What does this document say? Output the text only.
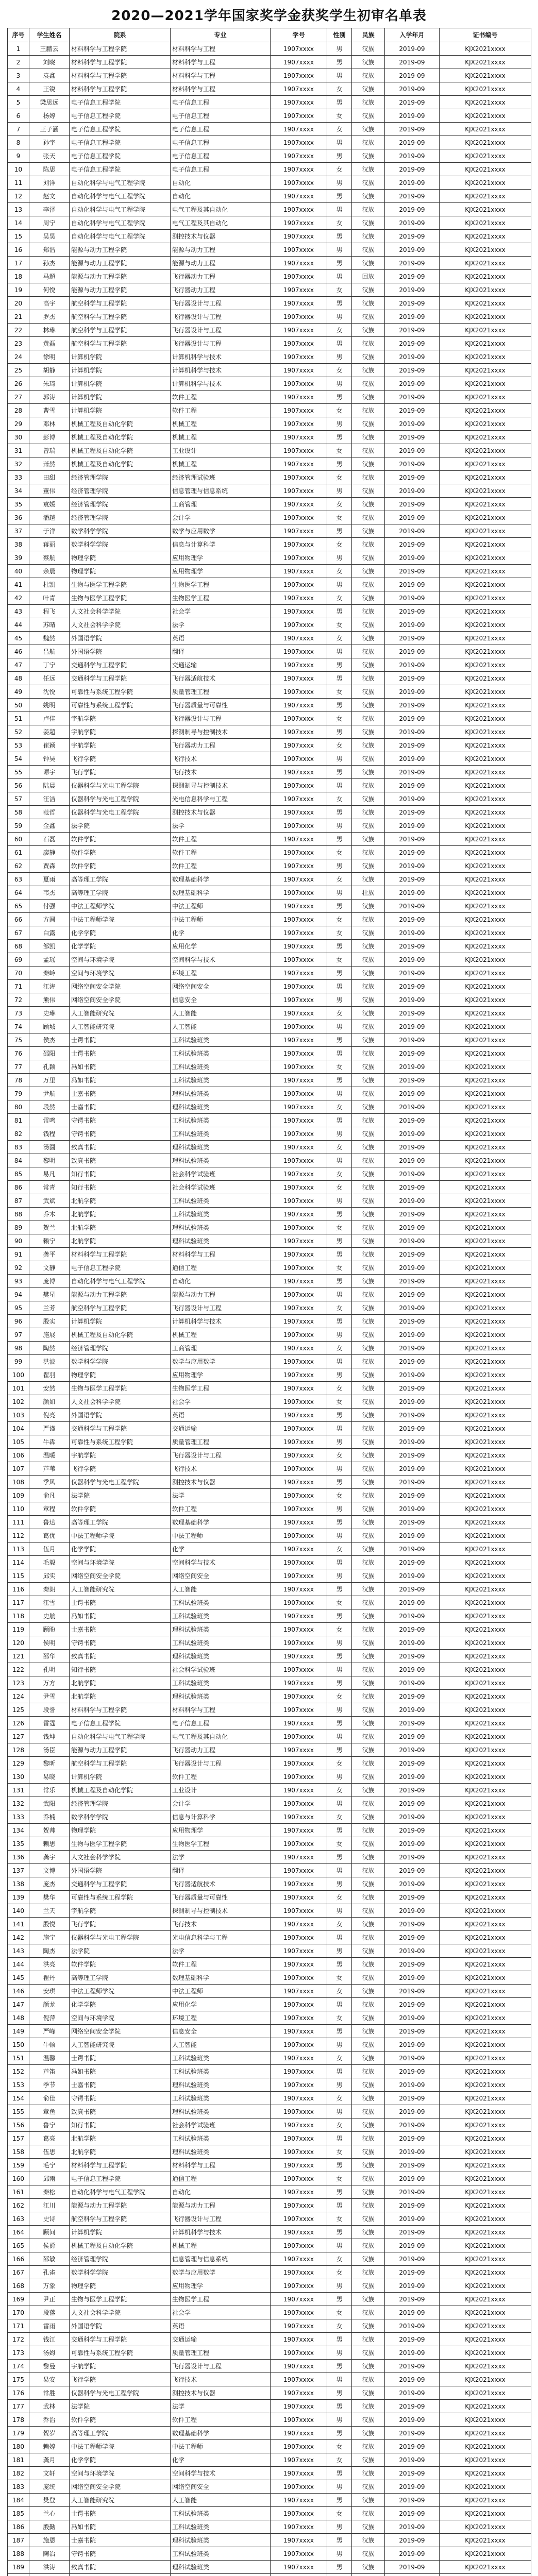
2020—2021学年国家奖学金获奖学生初审名单表
序号	学生姓名	院系	专业	学号	性别	民族	入学年月	证书编号
1	王鹏云	材料科学与工程学院	材料科学与工程	1907xxxx	男	汉族	2019-09	KJX2021xxxx
2	刘晓	材料科学与工程学院	材料科学与工程	1907xxxx	男	汉族	2019-09	KJX2021xxxx
3	袁鑫	材料科学与工程学院	材料科学与工程	1907xxxx	男	汉族	2019-09	KJX2021xxxx
4	王锐	材料科学与工程学院	材料科学与工程	1907xxxx	女	汉族	2019-09	KJX2021xxxx
5	梁思远	电子信息工程学院	电子信息工程	1907xxxx	男	汉族	2019-09	KJX2021xxxx
6	杨婷	电子信息工程学院	电子信息工程	1907xxxx	女	汉族	2019-09	KJX2021xxxx
7	王子涵	电子信息工程学院	电子信息工程	1907xxxx	女	汉族	2019-09	KJX2021xxxx
8	孙宇	电子信息工程学院	电子信息工程	1907xxxx	男	汉族	2019-09	KJX2021xxxx
9	张天	电子信息工程学院	电子信息工程	1907xxxx	男	汉族	2019-09	KJX2021xxxx
10	陈思	电子信息工程学院	电子信息工程	1907xxxx	女	汉族	2019-09	KJX2021xxxx
11	刘洋	自动化科学与电气工程学院	自动化	1907xxxx	男	汉族	2019-09	KJX2021xxxx
12	赵文	自动化科学与电气工程学院	自动化	1907xxxx	男	汉族	2019-09	KJX2021xxxx
13	李泽	自动化科学与电气工程学院	电气工程及其自动化	1907xxxx	男	汉族	2019-09	KJX2021xxxx
14	周宁	自动化科学与电气工程学院	电气工程及其自动化	1907xxxx	女	汉族	2019-09	KJX2021xxxx
15	吴昊	自动化科学与电气工程学院	测控技术与仪器	1907xxxx	男	汉族	2019-09	KJX2021xxxx
16	郑浩	能源与动力工程学院	能源与动力工程	1907xxxx	男	汉族	2019-09	KJX2021xxxx
17	孙杰	能源与动力工程学院	能源与动力工程	1907xxxx	男	汉族	2019-09	KJX2021xxxx
18	马超	能源与动力工程学院	飞行器动力工程	1907xxxx	男	回族	2019-09	KJX2021xxxx
19	何悦	能源与动力工程学院	飞行器动力工程	1907xxxx	女	汉族	2019-09	KJX2021xxxx
20	高宇	航空科学与工程学院	飞行器设计与工程	1907xxxx	男	汉族	2019-09	KJX2021xxxx
21	罗杰	航空科学与工程学院	飞行器设计与工程	1907xxxx	男	汉族	2019-09	KJX2021xxxx
22	林琳	航空科学与工程学院	飞行器设计与工程	1907xxxx	女	汉族	2019-09	KJX2021xxxx
23	黄磊	航空科学与工程学院	飞行器设计与工程	1907xxxx	男	汉族	2019-09	KJX2021xxxx
24	徐明	计算机学院	计算机科学与技术	1907xxxx	男	汉族	2019-09	KJX2021xxxx
25	胡静	计算机学院	计算机科学与技术	1907xxxx	女	汉族	2019-09	KJX2021xxxx
26	朱琦	计算机学院	计算机科学与技术	1907xxxx	男	汉族	2019-09	KJX2021xxxx
27	郭涛	计算机学院	软件工程	1907xxxx	男	汉族	2019-09	KJX2021xxxx
28	曹雪	计算机学院	软件工程	1907xxxx	女	汉族	2019-09	KJX2021xxxx
29	邓林	机械工程及自动化学院	机械工程	1907xxxx	男	汉族	2019-09	KJX2021xxxx
30	彭博	机械工程及自动化学院	机械工程	1907xxxx	男	汉族	2019-09	KJX2021xxxx
31	曾瑞	机械工程及自动化学院	工业设计	1907xxxx	女	汉族	2019-09	KJX2021xxxx
32	萧然	机械工程及自动化学院	机械工程	1907xxxx	男	汉族	2019-09	KJX2021xxxx
33	田甜	经济管理学院	经济管理试验班	1907xxxx	女	汉族	2019-09	KJX2021xxxx
34	董伟	经济管理学院	信息管理与信息系统	1907xxxx	男	汉族	2019-09	KJX2021xxxx
35	袁媛	经济管理学院	工商管理	1907xxxx	女	汉族	2019-09	KJX2021xxxx
36	潘越	经济管理学院	会计学	1907xxxx	女	汉族	2019-09	KJX2021xxxx
37	于洋	数学科学学院	数学与应用数学	1907xxxx	男	汉族	2019-09	KJX2021xxxx
38	蒋丽	数学科学学院	信息与计算科学	1907xxxx	女	汉族	2019-09	KJX2021xxxx
39	蔡航	物理学院	应用物理学	1907xxxx	男	汉族	2019-09	KJX2021xxxx
40	余晨	物理学院	应用物理学	1907xxxx	女	汉族	2019-09	KJX2021xxxx
41	杜凯	生物与医学工程学院	生物医学工程	1907xxxx	男	汉族	2019-09	KJX2021xxxx
42	叶青	生物与医学工程学院	生物医学工程	1907xxxx	女	汉族	2019-09	KJX2021xxxx
43	程飞	人文社会科学学院	社会学	1907xxxx	男	汉族	2019-09	KJX2021xxxx
44	苏晴	人文社会科学学院	法学	1907xxxx	女	汉族	2019-09	KJX2021xxxx
45	魏然	外国语学院	英语	1907xxxx	女	汉族	2019-09	KJX2021xxxx
46	吕航	外国语学院	翻译	1907xxxx	男	汉族	2019-09	KJX2021xxxx
47	丁宁	交通科学与工程学院	交通运输	1907xxxx	男	汉族	2019-09	KJX2021xxxx
48	任远	交通科学与工程学院	飞行器适航技术	1907xxxx	男	汉族	2019-09	KJX2021xxxx
49	沈悦	可靠性与系统工程学院	质量管理工程	1907xxxx	女	汉族	2019-09	KJX2021xxxx
50	姚明	可靠性与系统工程学院	飞行器质量与可靠性	1907xxxx	男	汉族	2019-09	KJX2021xxxx
51	卢佳	宇航学院	飞行器设计与工程	1907xxxx	女	汉族	2019-09	KJX2021xxxx
52	姜超	宇航学院	探测制导与控制技术	1907xxxx	男	汉族	2019-09	KJX2021xxxx
53	崔颖	宇航学院	飞行器动力工程	1907xxxx	女	汉族	2019-09	KJX2021xxxx
54	钟昊	飞行学院	飞行技术	1907xxxx	男	汉族	2019-09	KJX2021xxxx
55	谭宇	飞行学院	飞行技术	1907xxxx	男	汉族	2019-09	KJX2021xxxx
56	陆晨	仪器科学与光电工程学院	探测制导与控制技术	1907xxxx	男	汉族	2019-09	KJX2021xxxx
57	汪洁	仪器科学与光电工程学院	光电信息科学与工程	1907xxxx	女	汉族	2019-09	KJX2021xxxx
58	范哲	仪器科学与光电工程学院	测控技术与仪器	1907xxxx	男	汉族	2019-09	KJX2021xxxx
59	金鑫	法学院	法学	1907xxxx	男	汉族	2019-09	KJX2021xxxx
60	石磊	软件学院	软件工程	1907xxxx	男	汉族	2019-09	KJX2021xxxx
61	廖静	软件学院	软件工程	1907xxxx	女	汉族	2019-09	KJX2021xxxx
62	贾森	软件学院	软件工程	1907xxxx	男	汉族	2019-09	KJX2021xxxx
63	夏雨	高等理工学院	数理基础科学	1907xxxx	女	汉族	2019-09	KJX2021xxxx
64	韦杰	高等理工学院	数理基础科学	1907xxxx	男	壮族	2019-09	KJX2021xxxx
65	付强	中法工程师学院	中法工程师	1907xxxx	男	汉族	2019-09	KJX2021xxxx
66	方圆	中法工程师学院	中法工程师	1907xxxx	女	汉族	2019-09	KJX2021xxxx
67	白露	化学学院	化学	1907xxxx	女	汉族	2019-09	KJX2021xxxx
68	邹凯	化学学院	应用化学	1907xxxx	男	汉族	2019-09	KJX2021xxxx
69	孟瑶	空间与环境学院	空间科学与技术	1907xxxx	女	汉族	2019-09	KJX2021xxxx
70	秦岭	空间与环境学院	环境工程	1907xxxx	男	汉族	2019-09	KJX2021xxxx
71	江涛	网络空间安全学院	网络空间安全	1907xxxx	男	汉族	2019-09	KJX2021xxxx
72	熊伟	网络空间安全学院	信息安全	1907xxxx	男	汉族	2019-09	KJX2021xxxx
73	史琳	人工智能研究院	人工智能	1907xxxx	女	汉族	2019-09	KJX2021xxxx
74	顾城	人工智能研究院	人工智能	1907xxxx	男	汉族	2019-09	KJX2021xxxx
75	侯杰	士谔书院	工科试验班类	1907xxxx	男	汉族	2019-09	KJX2021xxxx
76	邵阳	士谔书院	工科试验班类	1907xxxx	男	汉族	2019-09	KJX2021xxxx
77	孔颖	冯如书院	工科试验班类	1907xxxx	女	汉族	2019-09	KJX2021xxxx
78	万里	冯如书院	工科试验班类	1907xxxx	男	汉族	2019-09	KJX2021xxxx
79	尹航	士嘉书院	理科试验班类	1907xxxx	男	汉族	2019-09	KJX2021xxxx
80	段然	士嘉书院	理科试验班类	1907xxxx	女	汉族	2019-09	KJX2021xxxx
81	雷鸣	守锷书院	工科试验班类	1907xxxx	男	汉族	2019-09	KJX2021xxxx
82	钱程	守锷书院	工科试验班类	1907xxxx	男	汉族	2019-09	KJX2021xxxx
83	汤圆	致真书院	理科试验班类	1907xxxx	女	汉族	2019-09	KJX2021xxxx
84	黎明	致真书院	理科试验班类	1907xxxx	男	汉族	2019-09	KJX2021xxxx
85	易凡	知行书院	社会科学试验班	1907xxxx	女	汉族	2019-09	KJX2021xxxx
86	常青	知行书院	社会科学试验班	1907xxxx	女	汉族	2019-09	KJX2021xxxx
87	武斌	北航学院	工科试验班类	1907xxxx	男	汉族	2019-09	KJX2021xxxx
88	乔木	北航学院	工科试验班类	1907xxxx	男	汉族	2019-09	KJX2021xxxx
89	贺兰	北航学院	理科试验班类	1907xxxx	女	汉族	2019-09	KJX2021xxxx
90	赖宁	北航学院	理科试验班类	1907xxxx	男	汉族	2019-09	KJX2021xxxx
91	龚平	材料科学与工程学院	材料科学与工程	1907xxxx	男	汉族	2019-09	KJX2021xxxx
92	文静	电子信息工程学院	通信工程	1907xxxx	女	汉族	2019-09	KJX2021xxxx
93	庞博	自动化科学与电气工程学院	自动化	1907xxxx	男	汉族	2019-09	KJX2021xxxx
94	樊星	能源与动力工程学院	能源与动力工程	1907xxxx	男	汉族	2019-09	KJX2021xxxx
95	兰芳	航空科学与工程学院	飞行器设计与工程	1907xxxx	女	汉族	2019-09	KJX2021xxxx
96	殷实	计算机学院	计算机科学与技术	1907xxxx	男	汉族	2019-09	KJX2021xxxx
97	施展	机械工程及自动化学院	机械工程	1907xxxx	男	汉族	2019-09	KJX2021xxxx
98	陶然	经济管理学院	工商管理	1907xxxx	女	汉族	2019-09	KJX2021xxxx
99	洪波	数学科学学院	数学与应用数学	1907xxxx	男	汉族	2019-09	KJX2021xxxx
100	翟羽	物理学院	应用物理学	1907xxxx	男	汉族	2019-09	KJX2021xxxx
101	安然	生物与医学工程学院	生物医学工程	1907xxxx	女	汉族	2019-09	KJX2021xxxx
102	颜如	人文社会科学学院	社会学	1907xxxx	女	汉族	2019-09	KJX2021xxxx
103	倪亮	外国语学院	英语	1907xxxx	男	汉族	2019-09	KJX2021xxxx
104	严谨	交通科学与工程学院	交通运输	1907xxxx	男	汉族	2019-09	KJX2021xxxx
105	牛犇	可靠性与系统工程学院	质量管理工程	1907xxxx	男	汉族	2019-09	KJX2021xxxx
106	温暖	宇航学院	飞行器设计与工程	1907xxxx	女	汉族	2019-09	KJX2021xxxx
107	芦苇	飞行学院	飞行技术	1907xxxx	男	汉族	2019-09	KJX2021xxxx
108	季风	仪器科学与光电工程学院	测控技术与仪器	1907xxxx	男	汉族	2019-09	KJX2021xxxx
109	俞凡	法学院	法学	1907xxxx	女	汉族	2019-09	KJX2021xxxx
110	章程	软件学院	软件工程	1907xxxx	男	汉族	2019-09	KJX2021xxxx
111	鲁达	高等理工学院	数理基础科学	1907xxxx	男	汉族	2019-09	KJX2021xxxx
112	葛优	中法工程师学院	中法工程师	1907xxxx	男	汉族	2019-09	KJX2021xxxx
113	伍月	化学学院	化学	1907xxxx	女	汉族	2019-09	KJX2021xxxx
114	毛毅	空间与环境学院	空间科学与技术	1907xxxx	男	汉族	2019-09	KJX2021xxxx
115	邱实	网络空间安全学院	网络空间安全	1907xxxx	男	汉族	2019-09	KJX2021xxxx
116	秦朗	人工智能研究院	人工智能	1907xxxx	男	汉族	2019-09	KJX2021xxxx
117	江雪	士谔书院	工科试验班类	1907xxxx	女	汉族	2019-09	KJX2021xxxx
118	史航	冯如书院	工科试验班类	1907xxxx	男	汉族	2019-09	KJX2021xxxx
119	顾盼	士嘉书院	理科试验班类	1907xxxx	女	汉族	2019-09	KJX2021xxxx
120	侯明	守锷书院	工科试验班类	1907xxxx	男	汉族	2019-09	KJX2021xxxx
121	邵华	致真书院	理科试验班类	1907xxxx	男	汉族	2019-09	KJX2021xxxx
122	孔明	知行书院	社会科学试验班	1907xxxx	男	汉族	2019-09	KJX2021xxxx
123	万方	北航学院	工科试验班类	1907xxxx	男	汉族	2019-09	KJX2021xxxx
124	尹雪	北航学院	理科试验班类	1907xxxx	女	汉族	2019-09	KJX2021xxxx
125	段誉	材料科学与工程学院	材料科学与工程	1907xxxx	男	汉族	2019-09	KJX2021xxxx
126	雷霆	电子信息工程学院	电子信息工程	1907xxxx	男	汉族	2019-09	KJX2021xxxx
127	钱坤	自动化科学与电气工程学院	电气工程及其自动化	1907xxxx	男	汉族	2019-09	KJX2021xxxx
128	汤臣	能源与动力工程学院	飞行器动力工程	1907xxxx	男	汉族	2019-09	KJX2021xxxx
129	黎昕	航空科学与工程学院	飞行器设计与工程	1907xxxx	女	汉族	2019-09	KJX2021xxxx
130	易晓	计算机学院	软件工程	1907xxxx	男	汉族	2019-09	KJX2021xxxx
131	常乐	机械工程及自动化学院	工业设计	1907xxxx	女	汉族	2019-09	KJX2021xxxx
132	武阳	经济管理学院	会计学	1907xxxx	男	汉族	2019-09	KJX2021xxxx
133	乔楠	数学科学学院	信息与计算科学	1907xxxx	女	汉族	2019-09	KJX2021xxxx
134	贺帅	物理学院	应用物理学	1907xxxx	男	汉族	2019-09	KJX2021xxxx
135	赖思	生物与医学工程学院	生物医学工程	1907xxxx	女	汉族	2019-09	KJX2021xxxx
136	龚宇	人文社会科学学院	法学	1907xxxx	男	汉族	2019-09	KJX2021xxxx
137	文博	外国语学院	翻译	1907xxxx	男	汉族	2019-09	KJX2021xxxx
138	庞杰	交通科学与工程学院	飞行器适航技术	1907xxxx	男	汉族	2019-09	KJX2021xxxx
139	樊华	可靠性与系统工程学院	飞行器质量与可靠性	1907xxxx	女	汉族	2019-09	KJX2021xxxx
140	兰天	宇航学院	探测制导与控制技术	1907xxxx	男	汉族	2019-09	KJX2021xxxx
141	殷悦	飞行学院	飞行技术	1907xxxx	女	汉族	2019-09	KJX2021xxxx
142	施宁	仪器科学与光电工程学院	光电信息科学与工程	1907xxxx	男	汉族	2019-09	KJX2021xxxx
143	陶杰	法学院	法学	1907xxxx	男	汉族	2019-09	KJX2021xxxx
144	洪亮	软件学院	软件工程	1907xxxx	男	汉族	2019-09	KJX2021xxxx
145	翟丹	高等理工学院	数理基础科学	1907xxxx	女	汉族	2019-09	KJX2021xxxx
146	安琪	中法工程师学院	中法工程师	1907xxxx	女	汉族	2019-09	KJX2021xxxx
147	颜龙	化学学院	应用化学	1907xxxx	男	汉族	2019-09	KJX2021xxxx
148	倪萍	空间与环境学院	环境工程	1907xxxx	女	汉族	2019-09	KJX2021xxxx
149	严峰	网络空间安全学院	信息安全	1907xxxx	男	汉族	2019-09	KJX2021xxxx
150	牛顿	人工智能研究院	人工智能	1907xxxx	男	汉族	2019-09	KJX2021xxxx
151	温馨	士谔书院	工科试验班类	1907xxxx	女	汉族	2019-09	KJX2021xxxx
152	芦笛	冯如书院	工科试验班类	1907xxxx	男	汉族	2019-09	KJX2021xxxx
153	季节	士嘉书院	理科试验班类	1907xxxx	男	汉族	2019-09	KJX2021xxxx
154	俞佳	守锷书院	工科试验班类	1907xxxx	女	汉族	2019-09	KJX2021xxxx
155	章鱼	致真书院	理科试验班类	1907xxxx	男	汉族	2019-09	KJX2021xxxx
156	鲁宁	知行书院	社会科学试验班	1907xxxx	女	汉族	2019-09	KJX2021xxxx
157	葛亮	北航学院	工科试验班类	1907xxxx	男	汉族	2019-09	KJX2021xxxx
158	伍思	北航学院	理科试验班类	1907xxxx	女	汉族	2019-09	KJX2021xxxx
159	毛宁	材料科学与工程学院	材料科学与工程	1907xxxx	男	汉族	2019-09	KJX2021xxxx
160	邱雨	电子信息工程学院	通信工程	1907xxxx	女	汉族	2019-09	KJX2021xxxx
161	秦松	自动化科学与电气工程学院	自动化	1907xxxx	男	汉族	2019-09	KJX2021xxxx
162	江川	能源与动力工程学院	能源与动力工程	1907xxxx	男	汉族	2019-09	KJX2021xxxx
163	史诗	航空科学与工程学院	飞行器设计与工程	1907xxxx	女	汉族	2019-09	KJX2021xxxx
164	顾问	计算机学院	计算机科学与技术	1907xxxx	男	汉族	2019-09	KJX2021xxxx
165	侯爵	机械工程及自动化学院	机械工程	1907xxxx	男	汉族	2019-09	KJX2021xxxx
166	邵敏	经济管理学院	信息管理与信息系统	1907xxxx	女	汉族	2019-09	KJX2021xxxx
167	孔雀	数学科学学院	数学与应用数学	1907xxxx	女	汉族	2019-09	KJX2021xxxx
168	万象	物理学院	应用物理学	1907xxxx	男	汉族	2019-09	KJX2021xxxx
169	尹正	生物与医学工程学院	生物医学工程	1907xxxx	男	汉族	2019-09	KJX2021xxxx
170	段落	人文社会科学学院	社会学	1907xxxx	女	汉族	2019-09	KJX2021xxxx
171	雷雨	外国语学院	英语	1907xxxx	女	汉族	2019-09	KJX2021xxxx
172	钱江	交通科学与工程学院	交通运输	1907xxxx	男	汉族	2019-09	KJX2021xxxx
173	汤姆	可靠性与系统工程学院	质量管理工程	1907xxxx	男	汉族	2019-09	KJX2021xxxx
174	黎曼	宇航学院	飞行器设计与工程	1907xxxx	男	汉族	2019-09	KJX2021xxxx
175	易安	飞行学院	飞行技术	1907xxxx	男	汉族	2019-09	KJX2021xxxx
176	常胜	仪器科学与光电工程学院	测控技术与仪器	1907xxxx	男	汉族	2019-09	KJX2021xxxx
177	武林	法学院	法学	1907xxxx	男	汉族	2019-09	KJX2021xxxx
178	乔治	软件学院	软件工程	1907xxxx	男	汉族	2019-09	KJX2021xxxx
179	贺岁	高等理工学院	数理基础科学	1907xxxx	男	汉族	2019-09	KJX2021xxxx
180	赖婷	中法工程师学院	中法工程师	1907xxxx	女	汉族	2019-09	KJX2021xxxx
181	龚月	化学学院	化学	1907xxxx	女	汉族	2019-09	KJX2021xxxx
182	文轩	空间与环境学院	空间科学与技术	1907xxxx	男	汉族	2019-09	KJX2021xxxx
183	庞统	网络空间安全学院	网络空间安全	1907xxxx	男	汉族	2019-09	KJX2021xxxx
184	樊登	人工智能研究院	人工智能	1907xxxx	男	汉族	2019-09	KJX2021xxxx
185	兰心	士谔书院	工科试验班类	1907xxxx	女	汉族	2019-09	KJX2021xxxx
186	殷勤	冯如书院	工科试验班类	1907xxxx	男	汉族	2019-09	KJX2021xxxx
187	施恩	士嘉书院	理科试验班类	1907xxxx	男	汉族	2019-09	KJX2021xxxx
188	陶冶	守锷书院	工科试验班类	1907xxxx	男	汉族	2019-09	KJX2021xxxx
189	洪涛	致真书院	理科试验班类	1907xxxx	男	汉族	2019-09	KJX2021xxxx
